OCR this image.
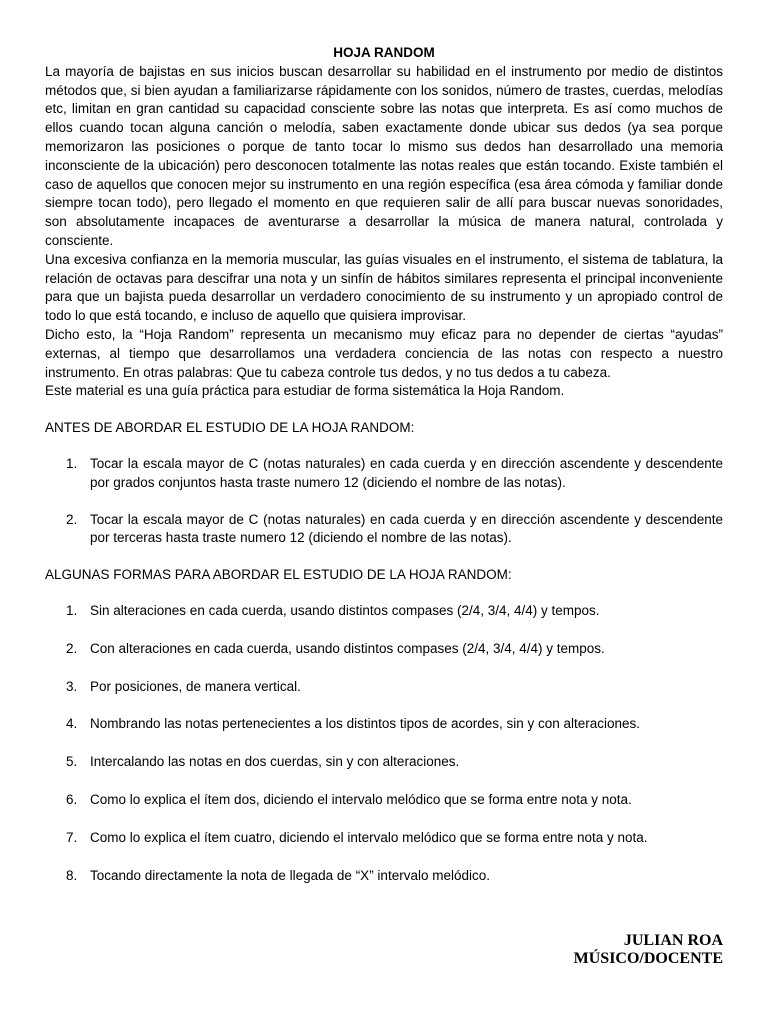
HOJA RANDOM

La mayoría de bajistas en sus inicios buscan desarrollar su habilidad en el instrumento por medio de distintos métodos que, si bien ayudan a familiarizarse rápidamente con los sonidos, número de trastes, cuerdas, melodías etc, limitan en gran cantidad su capacidad consciente sobre las notas que interpreta. Es así como muchos de ellos cuando tocan alguna canción o melodía, saben exactamente donde ubicar sus dedos (ya sea porque memorizaron las posiciones o porque de tanto tocar lo mismo sus dedos han desarrollado una memoria inconsciente de la ubicación) pero desconocen totalmente las notas reales que están tocando. Existe también el caso de aquellos que conocen mejor su instrumento en una región específica (esa área cómoda y familiar donde siempre tocan todo), pero llegado el momento en que requieren salir de allí para buscar nuevas sonoridades, son absolutamente incapaces de aventurarse a desarrollar la música de manera natural, controlada y consciente.

Una excesiva confianza en la memoria muscular, las guías visuales en el instrumento, el sistema de tablatura, la relación de octavas para descifrar una nota y un sinfín de hábitos similares representa el principal inconveniente para que un bajista pueda desarrollar un verdadero conocimiento de su instrumento y un apropiado control de todo lo que está tocando, e incluso de aquello que quisiera improvisar.

Dicho esto, la “Hoja Random” representa un mecanismo muy eficaz para no depender de ciertas “ayudas” externas, al tiempo que desarrollamos una verdadera conciencia de las notas con respecto a nuestro instrumento. En otras palabras: Que tu cabeza controle tus dedos, y no tus dedos a tu cabeza.

Este material es una guía práctica para estudiar de forma sistemática la Hoja Random.

ANTES DE ABORDAR EL ESTUDIO DE LA HOJA RANDOM:

1. Tocar la escala mayor de C (notas naturales) en cada cuerda y en dirección ascendente y descendente por grados conjuntos hasta traste numero 12 (diciendo el nombre de las notas).
2. Tocar la escala mayor de C (notas naturales) en cada cuerda y en dirección ascendente y descendente por terceras hasta traste numero 12 (diciendo el nombre de las notas).

ALGUNAS FORMAS PARA ABORDAR EL ESTUDIO DE LA HOJA RANDOM:

1. Sin alteraciones en cada cuerda, usando distintos compases (2/4, 3/4, 4/4) y tempos.
2. Con alteraciones en cada cuerda, usando distintos compases (2/4, 3/4, 4/4) y tempos.
3. Por posiciones, de manera vertical.
4. Nombrando las notas pertenecientes a los distintos tipos de acordes, sin y con alteraciones.
5. Intercalando las notas en dos cuerdas, sin y con alteraciones.
6. Como lo explica el ítem dos, diciendo el intervalo melódico que se forma entre nota y nota.
7. Como lo explica el ítem cuatro, diciendo el intervalo melódico que se forma entre nota y nota.
8. Tocando directamente la nota de llegada de “X” intervalo melódico.
JULIAN ROA
MÚSICO/DOCENTE
